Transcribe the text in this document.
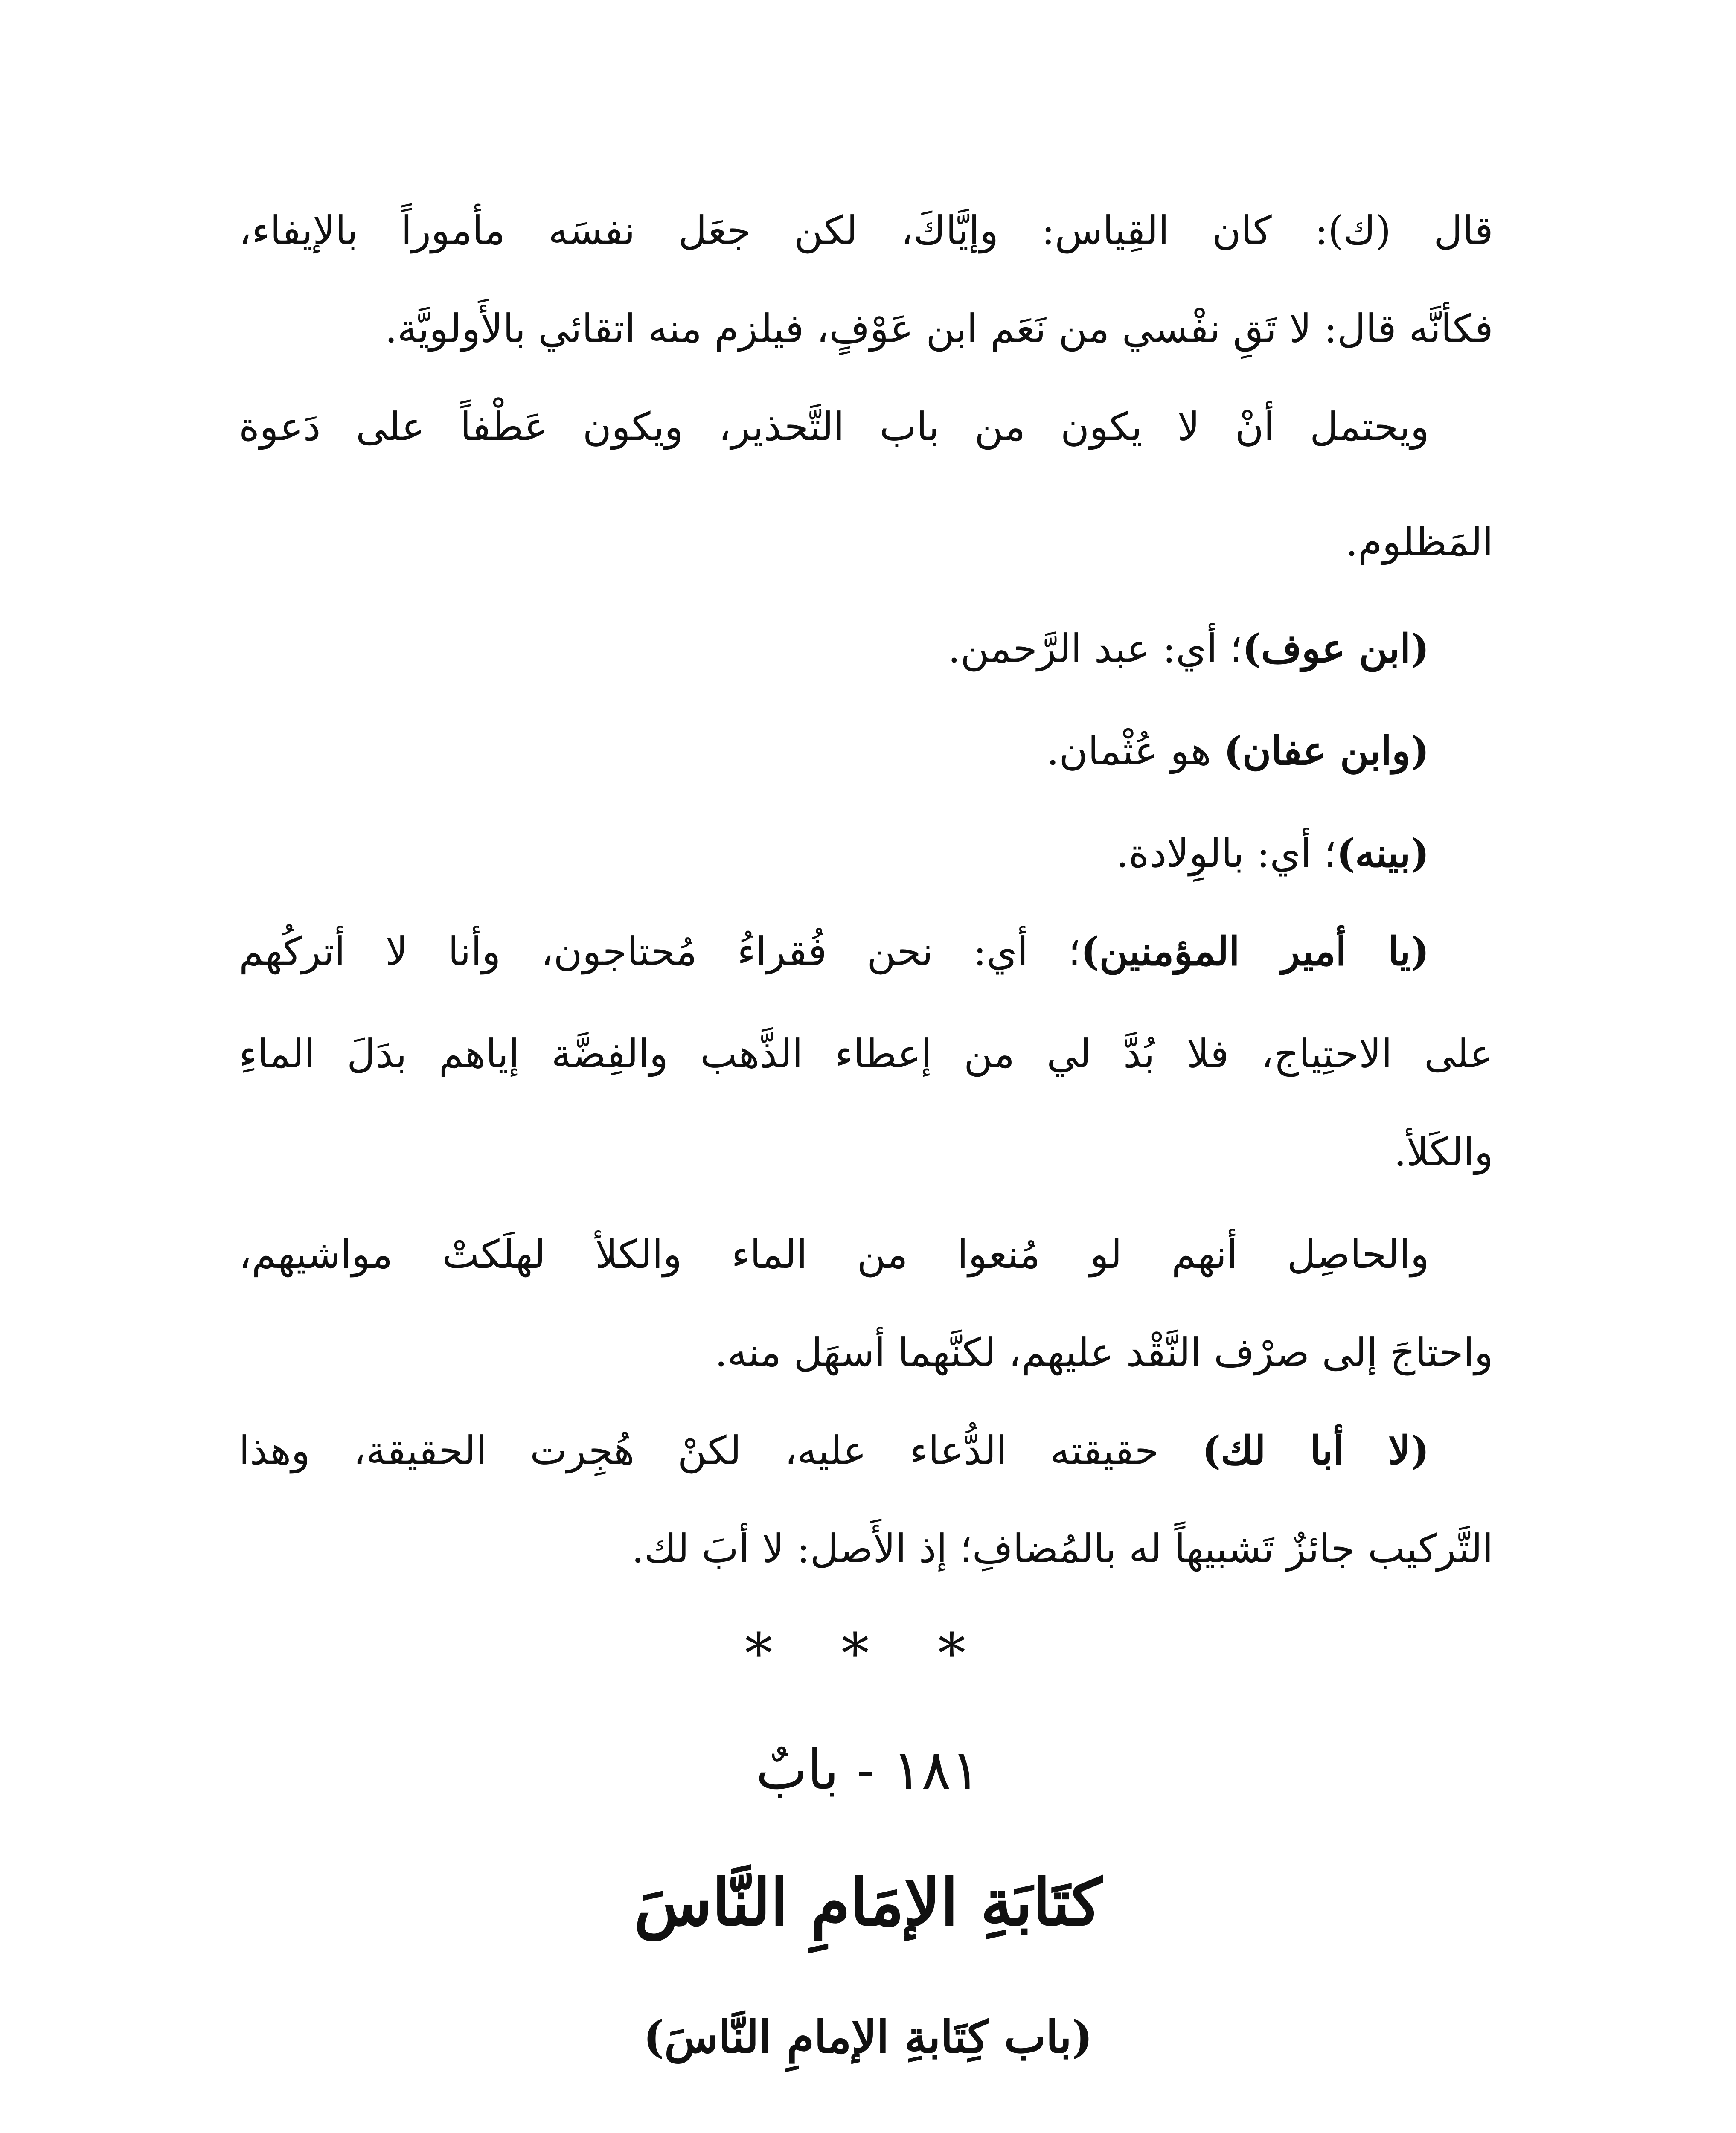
قال (ك): كان القِياس: وإيَّاكَ، لكن جعَل نفسَه مأموراً بالإيفاء،
فكأنَّه قال: لا تَقِ نفْسي من نَعَم ابن عَوْفٍ، فيلزم منه اتقائي بالأَولويَّة.
ويحتمل أنْ لا يكون من باب التَّحذير، ويكون عَطْفاً على دَعوة
المَظلوم.
(ابن عوف)؛ أي: عبد الرَّحمن.
(وابن عفان) هو عُثْمان.
(بينه)؛ أي: بالوِلادة.
(يا أمير المؤمنين)؛ أي: نحن فُقراءُ مُحتاجون، وأنا لا أتركُهم
على الاحتِياج، فلا بُدَّ لي من إعطاء الذَّهب والفِضَّة إياهم بدَلَ الماءِ
والكَلأ.
والحاصِل أنهم لو مُنعوا من الماء والكلأ لهلَكتْ مواشيهم،
واحتاجَ إلى صرْف النَّقْد عليهم، لكنَّهما أسهَل منه.
(لا أبا لك) حقيقته الدُّعاء عليه، لكنْ هُجِرت الحقيقة، وهذا
التَّركيب جائزٌ تَشبيهاً له بالمُضافِ؛ إذ الأَصل: لا أبَ لك.
* * *
١٨١ - بابٌ
كتَابَةِ الإمَامِ النَّاسَ
(باب كِتَابةِ الإمامِ النَّاسَ)
